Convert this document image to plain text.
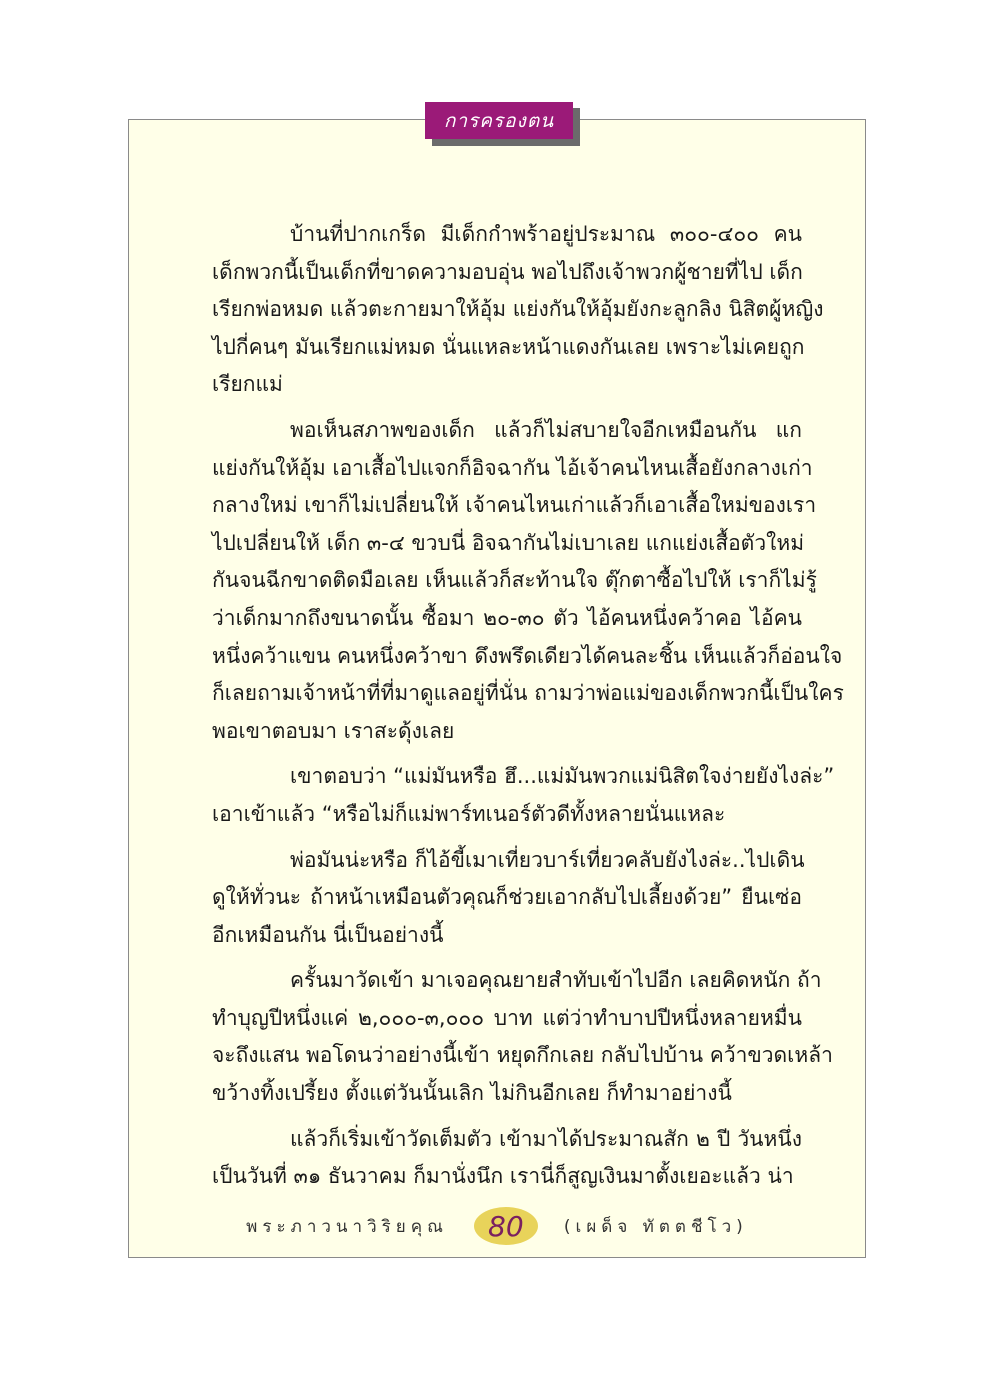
การครองตน
บ้านที่ปากเกร็ด มีเด็กกำพร้าอยู่ประมาณ ๓๐๐-๔๐๐ คน
เด็กพวกนี้เป็นเด็กที่ขาดความอบอุ่น พอไปถึงเจ้าพวกผู้ชายที่ไป เด็ก
เรียกพ่อหมด แล้วตะกายมาให้อุ้ม แย่งกันให้อุ้มยังกะลูกลิง นิสิตผู้หญิง
ไปกี่คนๆ มันเรียกแม่หมด นั่นแหละหน้าแดงกันเลย เพราะไม่เคยถูก
เรียกแม่
พอเห็นสภาพของเด็ก แล้วก็ไม่สบายใจอีกเหมือนกัน แก
แย่งกันให้อุ้ม เอาเสื้อไปแจกก็อิจฉากัน ไอ้เจ้าคนไหนเสื้อยังกลางเก่า
กลางใหม่ เขาก็ไม่เปลี่ยนให้ เจ้าคนไหนเก่าแล้วก็เอาเสื้อใหม่ของเรา
ไปเปลี่ยนให้ เด็ก ๓-๔ ขวบนี่ อิจฉากันไม่เบาเลย แกแย่งเสื้อตัวใหม่
กันจนฉีกขาดติดมือเลย เห็นแล้วก็สะท้านใจ ตุ๊กตาซื้อไปให้ เราก็ไม่รู้
ว่าเด็กมากถึงขนาดนั้น ซื้อมา ๒๐-๓๐ ตัว ไอ้คนหนึ่งคว้าคอ ไอ้คน
หนึ่งคว้าแขน คนหนึ่งคว้าขา ดึงพรึดเดียวได้คนละชิ้น เห็นแล้วก็อ่อนใจ
ก็เลยถามเจ้าหน้าที่ที่มาดูแลอยู่ที่นั่น ถามว่าพ่อแม่ของเด็กพวกนี้เป็นใคร
พอเขาตอบมา เราสะดุ้งเลย
เขาตอบว่า “แม่มันหรือ ฮึ...แม่มันพวกแม่นิสิตใจง่ายยังไงล่ะ”
เอาเข้าแล้ว “หรือไม่ก็แม่พาร์ทเนอร์ตัวดีทั้งหลายนั่นแหละ
พ่อมันน่ะหรือ ก็ไอ้ขี้เมาเที่ยวบาร์เที่ยวคลับยังไงล่ะ..ไปเดิน
ดูให้ทั่วนะ ถ้าหน้าเหมือนตัวคุณก็ช่วยเอากลับไปเลี้ยงด้วย” ยืนเซ่อ
อีกเหมือนกัน นี่เป็นอย่างนี้
ครั้นมาวัดเข้า มาเจอคุณยายสำทับเข้าไปอีก เลยคิดหนัก ถ้า
ทำบุญปีหนึ่งแค่ ๒,๐๐๐-๓,๐๐๐ บาท แต่ว่าทำบาปปีหนึ่งหลายหมื่น
จะถึงแสน พอโดนว่าอย่างนี้เข้า หยุดกึกเลย กลับไปบ้าน คว้าขวดเหล้า
ขว้างทิ้งเปรี้ยง ตั้งแต่วันนั้นเลิก ไม่กินอีกเลย ก็ทำมาอย่างนี้
แล้วก็เริ่มเข้าวัดเต็มตัว เข้ามาได้ประมาณสัก ๒ ปี วันหนึ่ง
เป็นวันที่ ๓๑ ธันวาคม ก็มานั่งนึก เรานี่ก็สูญเงินมาตั้งเยอะแล้ว น่า
พระภาวนาวิริยคุณ	80	(เผด็จ ทัตตชีโว)
